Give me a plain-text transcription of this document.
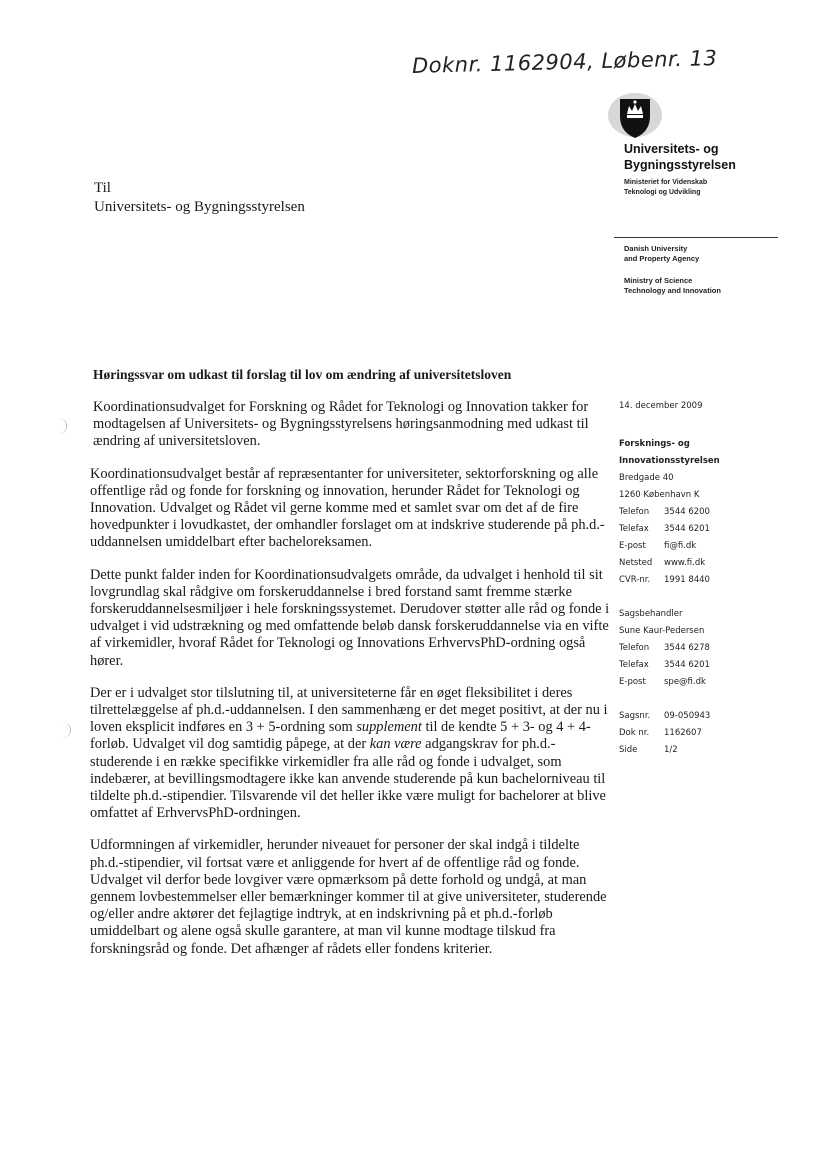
Doknr. 1162904, Løbenr. 13
Universitets- og
Bygningsstyrelsen
Ministeriet for Videnskab
Teknologi og Udvikling
Danish University
and Property Agency
Ministry of Science
Technology and Innovation
Til
Universitets- og Bygningsstyrelsen
Høringssvar om udkast til forslag til lov om ændring af universitetsloven

Koordinationsudvalget for Forskning og Rådet for Teknologi og Innovation takker for modtagelsen af Universitets- og Bygningsstyrelsens høringsanmodning med udkast til ændring af universitetsloven.

Koordinationsudvalget består af repræsentanter for universiteter, sektorforskning og alle offentlige råd og fonde for forskning og innovation, herunder Rådet for Teknologi og Innovation. Udvalget og Rådet vil gerne komme med et samlet svar om det af de fire hovedpunkter i lovudkastet, der omhandler forslaget om at indskrive studerende på ph.d.-uddannelsen umiddelbart efter bacheloreksamen.

Dette punkt falder inden for Koordinationsudvalgets område, da udvalget i henhold til sit lovgrundlag skal rådgive om forskeruddannelse i bred forstand samt fremme stærke forskeruddannelsesmiljøer i hele forskningssystemet. Derudover støtter alle råd og fonde i udvalget i vid udstrækning og med omfattende beløb dansk forskeruddannelse via en vifte af virkemidler, hvoraf Rådet for Teknologi og Innovations ErhvervsPhD-ordning også hører.

Der er i udvalget stor tilslutning til, at universiteterne får en øget fleksibilitet i deres tilrettelæggelse af ph.d.-uddannelsen. I den sammenhæng er det meget positivt, at der nu i loven eksplicit indføres en 3 + 5-ordning som supplement til de kendte 5 + 3- og 4 + 4-forløb. Udvalget vil dog samtidig påpege, at der kan være adgangskrav for ph.d.-studerende i en række specifikke virkemidler fra alle råd og fonde i udvalget, som indebærer, at bevillingsmodtagere ikke kan anvende studerende på kun bachelorniveau til tildelte ph.d.-stipendier. Tilsvarende vil det heller ikke være muligt for bachelorer at blive omfattet af ErhvervsPhD-ordningen.

Udformningen af virkemidler, herunder niveauet for personer der skal indgå i tildelte ph.d.-stipendier, vil fortsat være et anliggende for hvert af de offentlige råd og fonde. Udvalget vil derfor bede lovgiver være opmærksom på dette forhold og undgå, at man gennem lovbestemmelser eller bemærkninger kommer til at give universiteter, studerende og/eller andre aktører det fejlagtige indtryk, at en indskrivning på et ph.d.-forløb umiddelbart og alene også skulle garantere, at man vil kunne modtage tilskud fra forskningsråd og fonde. Det afhænger af rådets eller fondens kriterier.

14. december 2009
Forsknings- og
Innovationsstyrelsen
Bredgade 40
1260 København K
Telefon	3544 6200
Telefax	3544 6201
E-post	fi@fi.dk
Netsted	www.fi.dk
CVR-nr.	1991 8440
Sagsbehandler
Sune Kaur-Pedersen
Telefon	3544 6278
Telefax	3544 6201
E-post	spe@fi.dk
Sagsnr.	09-050943
Dok nr.	1162607
Side	1/2
